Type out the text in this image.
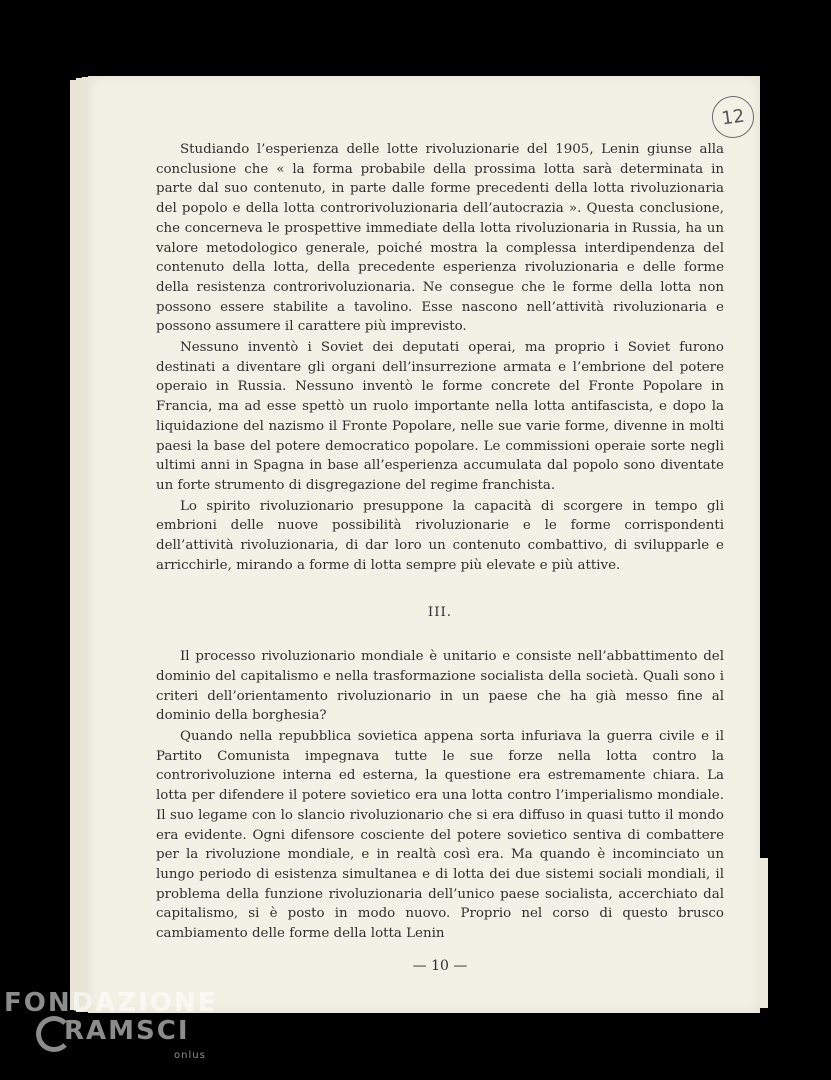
12

Studiando l’esperienza delle lotte rivoluzionarie del 1905, Lenin giunse alla conclusione che « la forma probabile della prossima lotta sarà determinata in parte dal suo contenuto, in parte dalle forme precedenti della lotta rivoluzionaria del popolo e della lotta controrivoluzionaria dell’autocrazia ». Questa conclusione, che concerneva le prospettive immediate della lotta rivoluzionaria in Russia, ha un valore metodologico generale, poiché mostra la complessa interdipendenza del contenuto della lotta, della precedente esperienza rivoluzionaria e delle forme della resistenza controrivoluzionaria. Ne consegue che le forme della lotta non possono essere stabilite a tavolino. Esse nascono nell’attività rivoluzionaria e possono assumere il carattere più imprevisto.

Nessuno inventò i Soviet dei deputati operai, ma proprio i Soviet furono destinati a diventare gli organi dell’insurrezione armata e l’embrione del potere operaio in Russia. Nessuno inventò le forme concrete del Fronte Popolare in Francia, ma ad esse spettò un ruolo importante nella lotta antifascista, e dopo la liquidazione del nazismo il Fronte Popolare, nelle sue varie forme, divenne in molti paesi la base del potere democratico popolare. Le commissioni operaie sorte negli ultimi anni in Spagna in base all’esperienza accumulata dal popolo sono diventate un forte strumento di disgregazione del regime franchista.

Lo spirito rivoluzionario presuppone la capacità di scorgere in tempo gli embrioni delle nuove possibilità rivoluzionarie e le forme corrispondenti dell’attività rivoluzionaria, di dar loro un contenuto combattivo, di svilupparle e arricchirle, mirando a forme di lotta sempre più elevate e più attive.

III.

Il processo rivoluzionario mondiale è unitario e consiste nell’abbattimento del dominio del capitalismo e nella trasformazione socialista della società. Quali sono i criteri dell’orientamento rivoluzionario in un paese che ha già messo fine al dominio della borghesia?

Quando nella repubblica sovietica appena sorta infuriava la guerra civile e il Partito Comunista impegnava tutte le sue forze nella lotta contro la controrivoluzione interna ed esterna, la questione era estremamente chiara. La lotta per difendere il potere sovietico era una lotta contro l’imperialismo mondiale. Il suo legame con lo slancio rivoluzionario che si era diffuso in quasi tutto il mondo era evidente. Ogni difensore cosciente del potere sovietico sentiva di combattere per la rivoluzione mondiale, e in realtà così era. Ma quando è incominciato un lungo periodo di esistenza simultanea e di lotta dei due sistemi sociali mondiali, il problema della funzione rivoluzionaria dell’unico paese socialista, accerchiato dal capitalismo, si è posto in modo nuovo. Proprio nel corso di questo brusco cambiamento delle forme della lotta Lenin

— 10 —
FONDAZIONE
RAMSCI
onlus
